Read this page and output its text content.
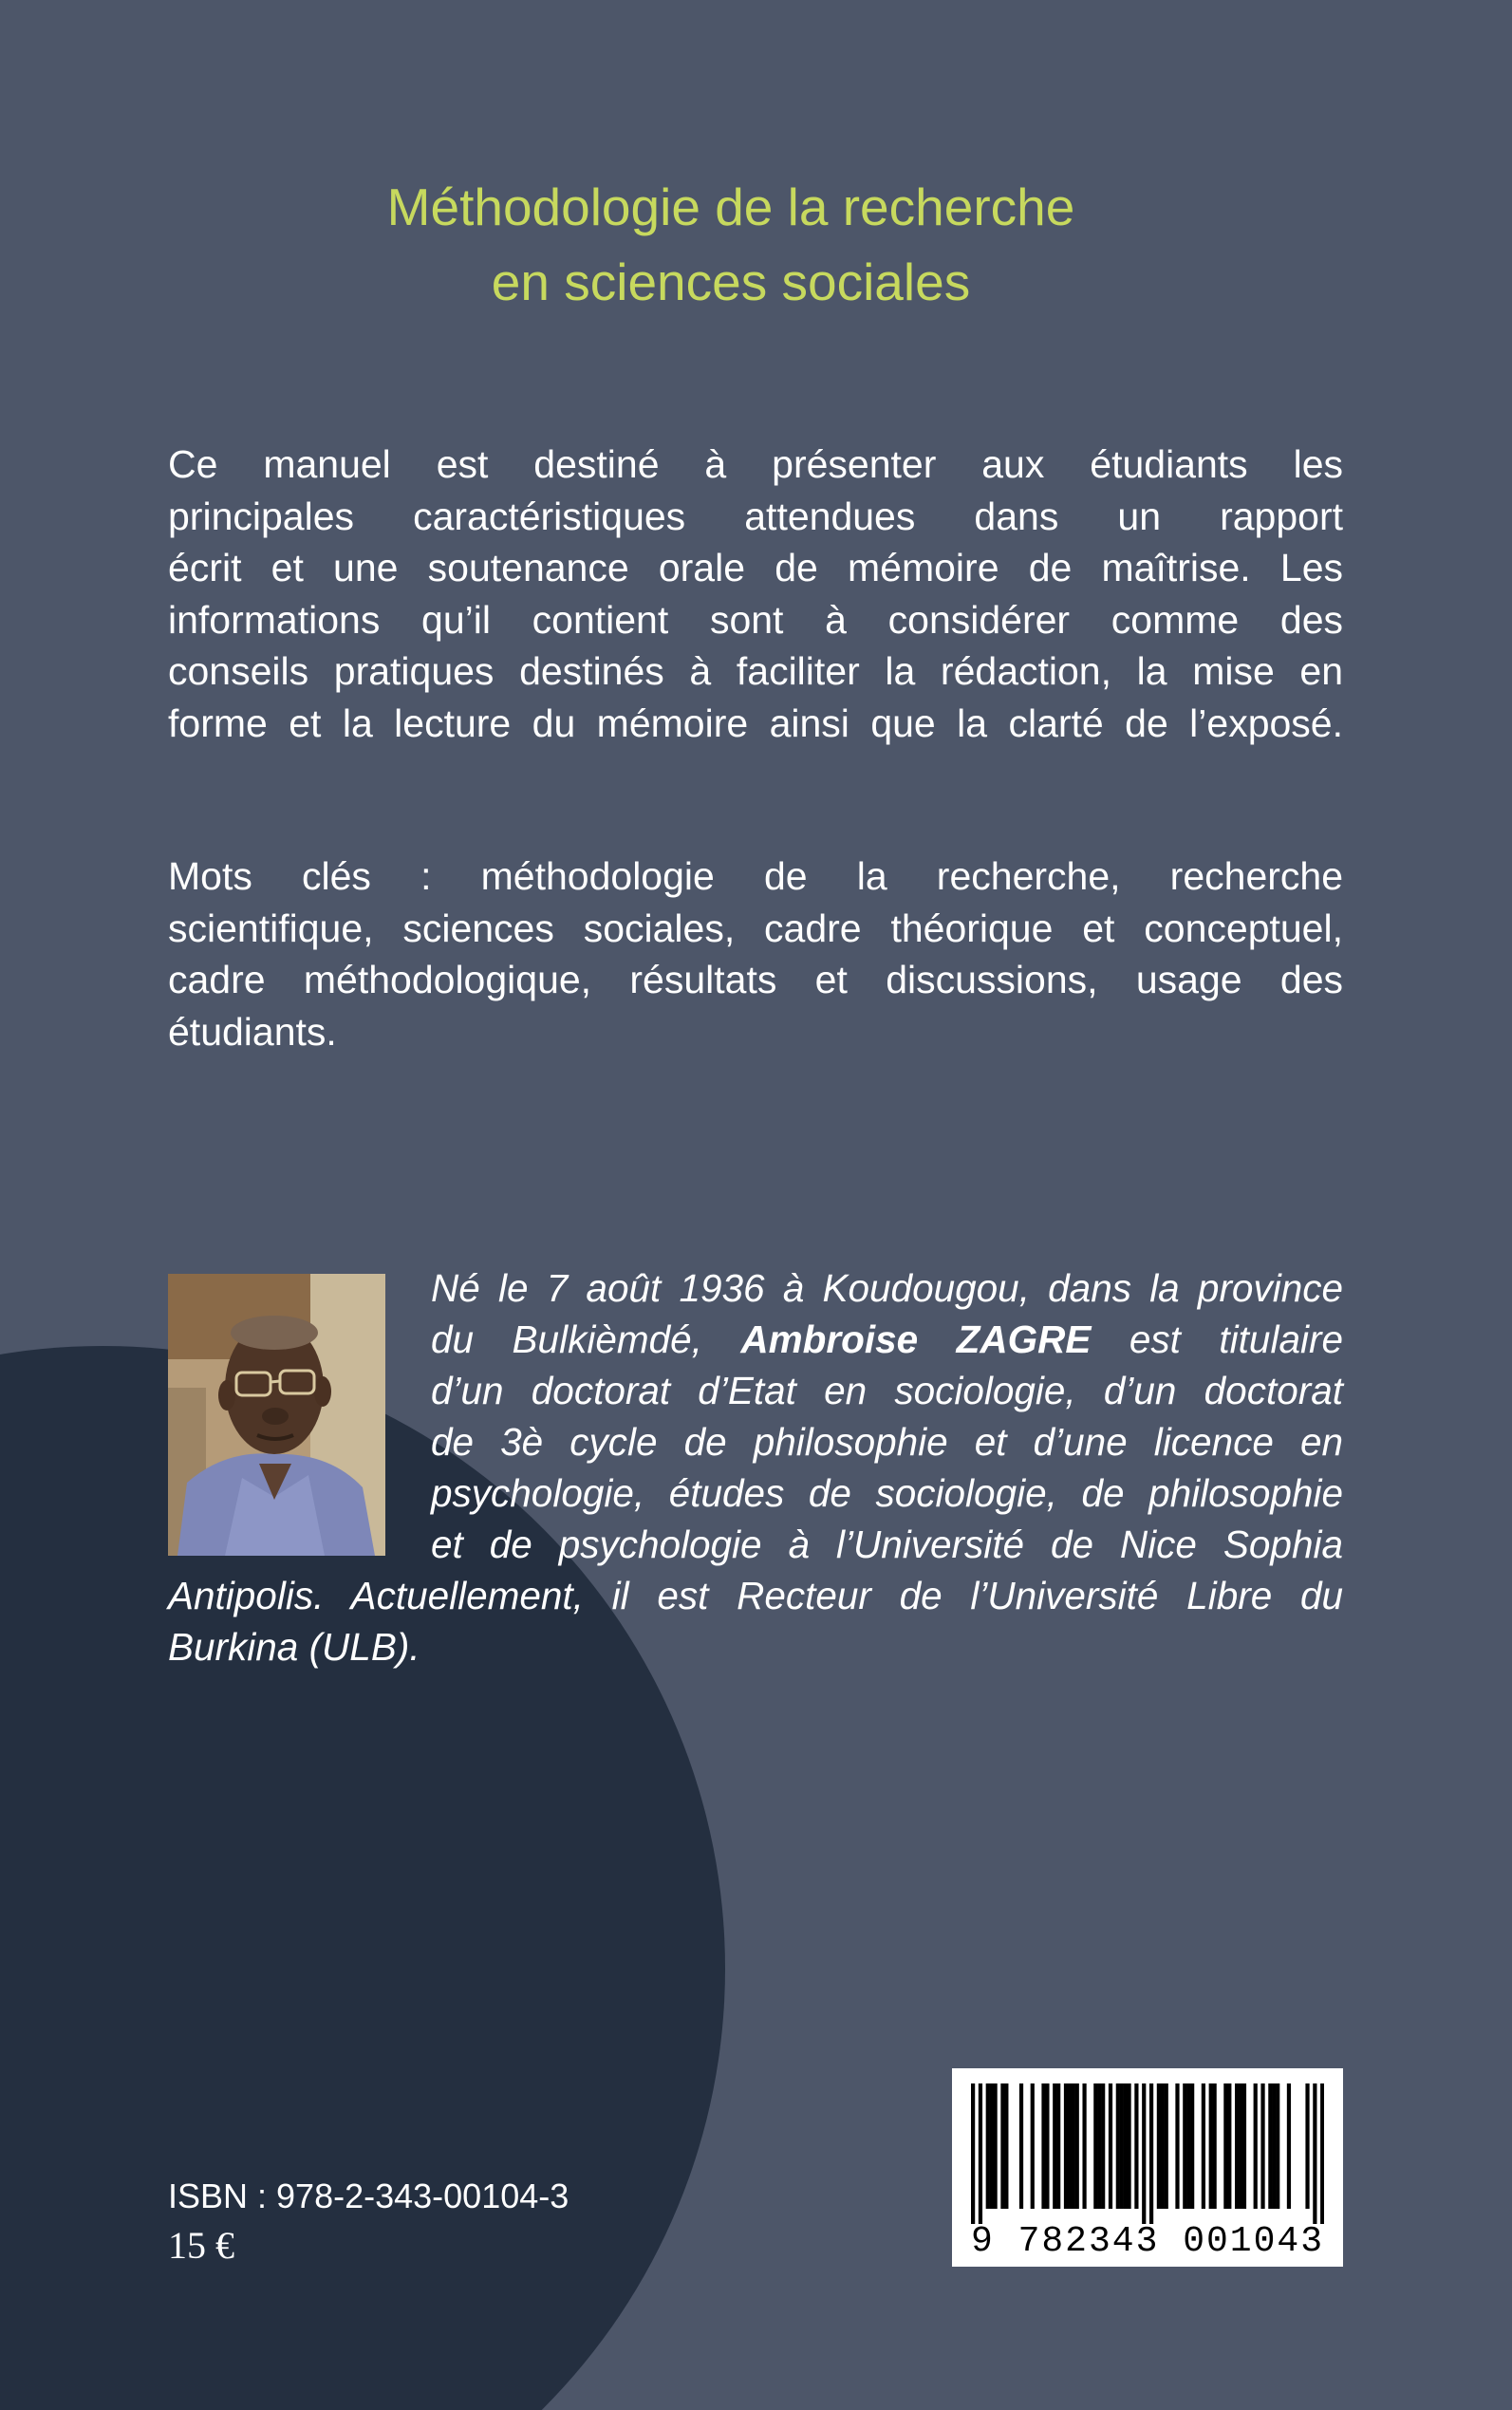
Méthodologie de la recherche
en sciences sociales
Ce manuel est destiné à présenter aux étudiants les
principales caractéristiques attendues dans un rapport
écrit et une soutenance orale de mémoire de maîtrise. Les
informations qu’il contient sont à considérer comme des
conseils pratiques destinés à faciliter la rédaction, la mise en
forme et la lecture du mémoire ainsi que la clarté de l’exposé.
Mots clés : méthodologie de la recherche, recherche
scientifique, sciences sociales, cadre théorique et conceptuel,
cadre méthodologique, résultats et discussions, usage des
étudiants.
Né le 7 août 1936 à Koudougou, dans la province
du Bulkièmdé, Ambroise ZAGRE est titulaire
d’un doctorat d’Etat en sociologie, d’un doctorat
de 3è cycle de philosophie et d’une licence en
psychologie, études de sociologie, de philosophie
et de psychologie à l’Université de Nice Sophia
Antipolis. Actuellement, il est Recteur de l’Université Libre du
Burkina (ULB).
ISBN : 978-2-343-00104-3
15 €	9 782343 001043
